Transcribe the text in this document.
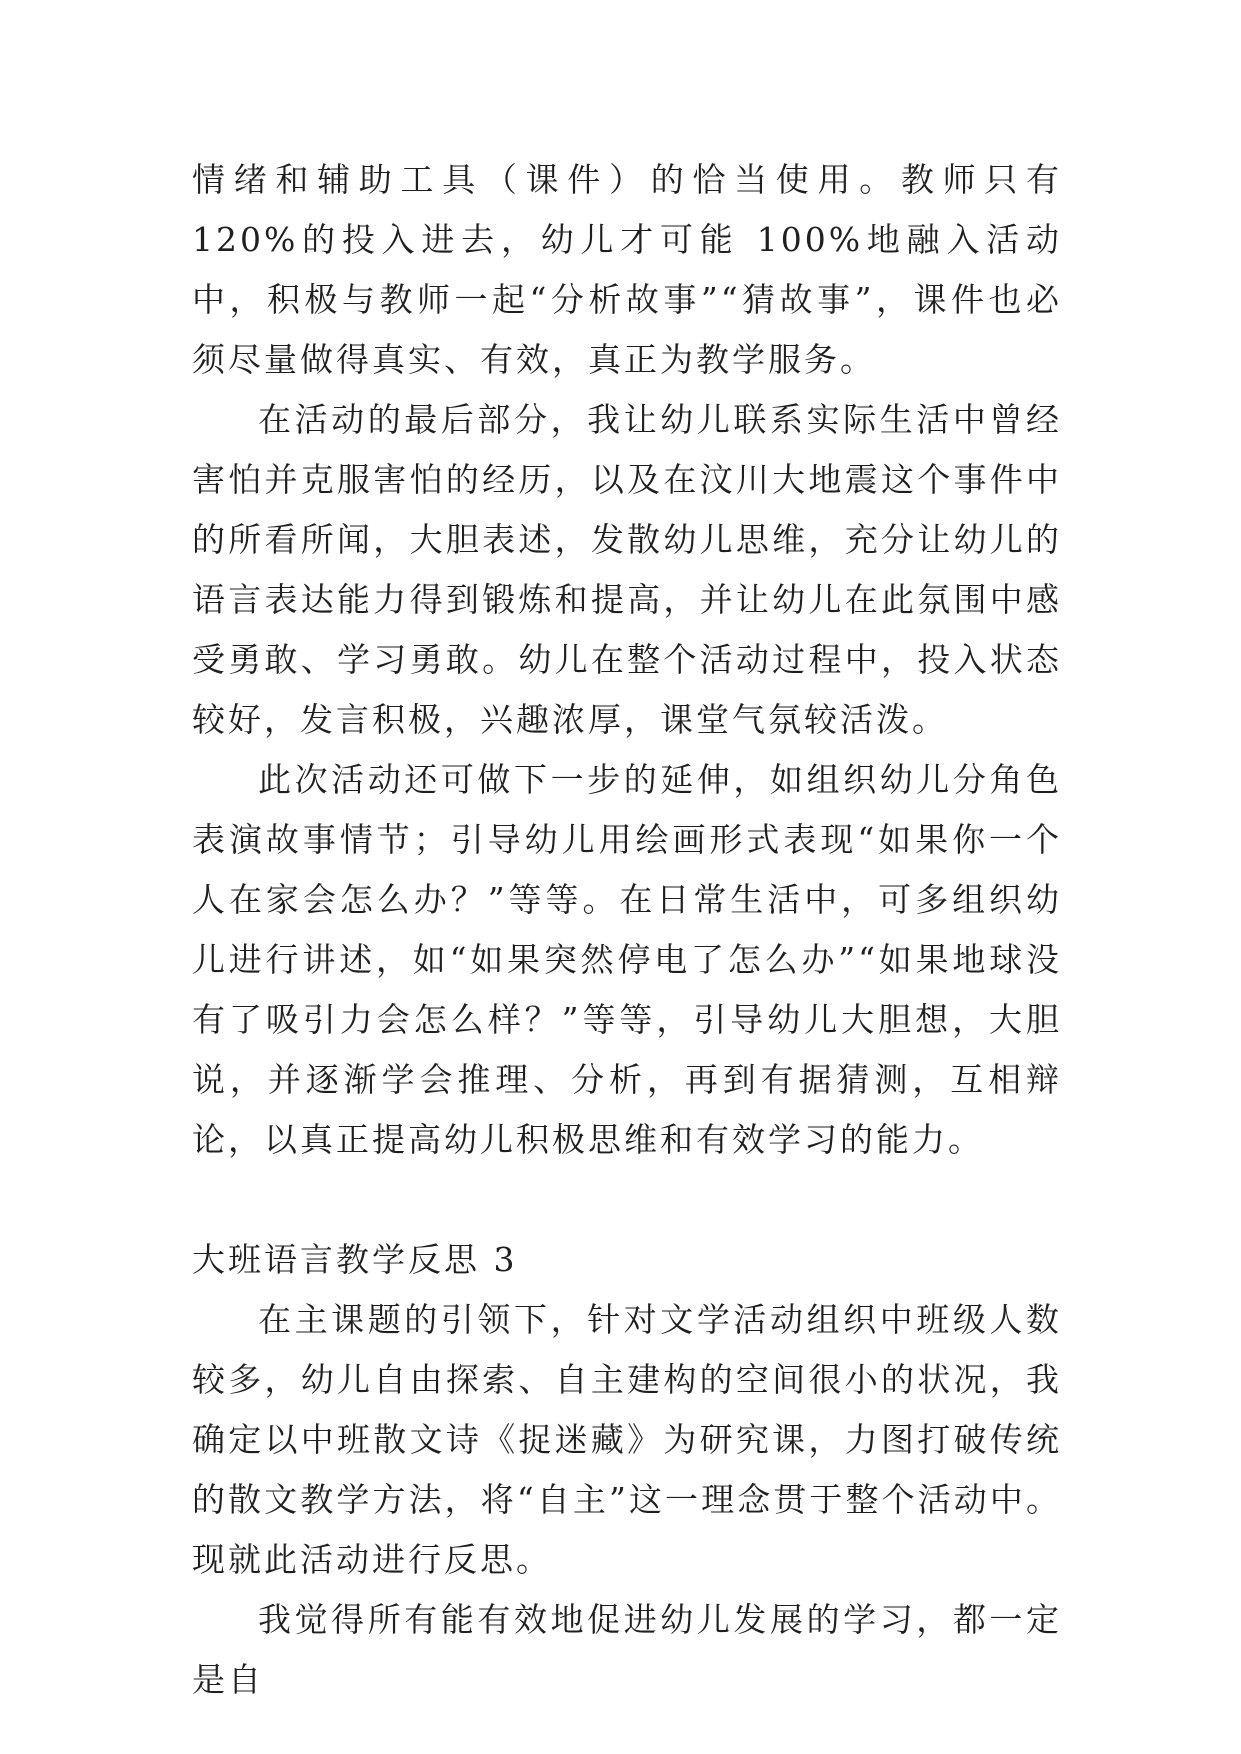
情绪和辅助工具（课件）的恰当使用。教师只有 120%的投入进去，幼儿才可能 100%地融入活动中，积极与教师一起“分析故事”“猜故事”，课件也必须尽量做得真实、有效，真正为教学服务。

在活动的最后部分，我让幼儿联系实际生活中曾经害怕并克服害怕的经历，以及在汶川大地震这个事件中的所看所闻，大胆表述，发散幼儿思维，充分让幼儿的语言表达能力得到锻炼和提高，并让幼儿在此氛围中感受勇敢、学习勇敢。幼儿在整个活动过程中，投入状态较好，发言积极，兴趣浓厚，课堂气氛较活泼。

此次活动还可做下一步的延伸，如组织幼儿分角色表演故事情节；引导幼儿用绘画形式表现“如果你一个人在家会怎么办？”等等。在日常生活中，可多组织幼儿进行讲述，如“如果突然停电了怎么办”“如果地球没有了吸引力会怎么样？”等等，引导幼儿大胆想，大胆说，并逐渐学会推理、分析，再到有据猜测，互相辩论，以真正提高幼儿积极思维和有效学习的能力。

大班语言教学反思 3

在主课题的引领下，针对文学活动组织中班级人数较多，幼儿自由探索、自主建构的空间很小的状况，我确定以中班散文诗《捉迷藏》为研究课，力图打破传统的散文教学方法，将“自主”这一理念贯于整个活动中。现就此活动进行反思。

我觉得所有能有效地促进幼儿发展的学习，都一定是自
